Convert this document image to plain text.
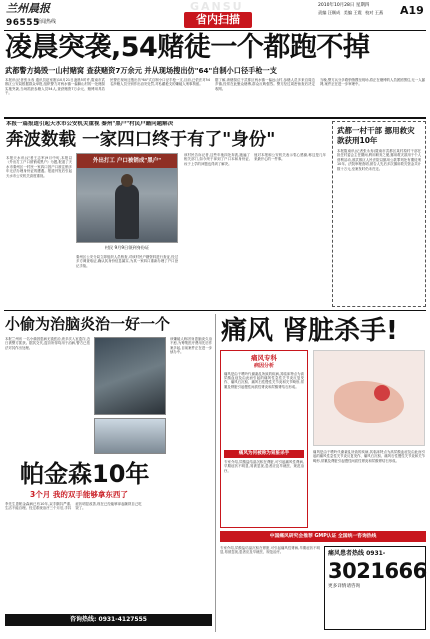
兰州晨报
96555
新闻热线	省内扫描
GANSU	2010年10月28日 星期四
责编 汪顺成 美编 王霞 校对 王燕 A19
凌晨突袭,54赌徒一个都跑不掉
武都警方捣毁一山村赌窝 查获赌资7万余元 并从现场搜出仿"64"自制小口径手枪一支
本报讯(记者张永寿 通讯员赵家刚)10月21日凌晨5时许,陇南市武都区公安局根据群众举报,组织警力对两水镇一偏僻山村的一处赌窝实施突袭,当场抓获参赌人员54人,查获赌资7万余元、赌博用具若干。
民警在现场还搜出仿"64"式自制小口径手枪一支,目前,已依法对54名涉赌人员分别作出治安处罚,对私藏枪支的嫌疑人刑事拘留。
据了解,该赌窝位于武都区两水镇一偏远山村,参赌人员多来自周边乡镇,经常在此聚众赌博,群众反映强烈。警方经过周密侦查后决定收网。
当晚,警方兵分多路悄悄摸至现场,将正在赌博的人员团团围住,无一人漏网,案件正在进一步审理中。
本报一篇报道引起天水市公安机关重视 秦州"黑户"村民户籍问题解决
奔波数载 一家四口终于有了"身份"
本报天水讯(记者王志军)9月中旬,本报以《外出打工户口被销成黑户》为题,报道了天水市秦州区一村民一家四口因户口被注销多年无法办理身份证的遭遇。报道刊发后引起天水市公安机关高度重视。
外出打工 户口被销成"黑户"
村民 9月9日领到身份证
秦州区公安分局立即组织人员核查,对该村民户籍资料进行查证,经过多方调查取证,确认其身份信息属实,为其一家四口重新办理了户口登记手续。
该村民告诉记者,这些年他四处奔波,跑遍了相关部门,如今终于拿到了户口本和身份证,孩子上学的问题也得到了解决。
他对本报和公安机关表示衷心感谢,称这是几年来最开心的一件事。
武都一村干部 挪用救灾款获刑10年
本报陇南讯(记者张永寿)陇南市武都区某村原村干部在担任村委会主任期间,利用职务之便,挪用救灾款用于个人营利活动,被武都区人民法院以挪用公款罪判处有期徒刑10年。法院审理查明,被告人先后多次挪用救灾资金共计数十万元,至案发时仍未归还。
小偷为治脑炎治一好一个
本报兰州讯 一名小偷因患病无钱医治,竟多次入室盗窃,近日被警方抓获。据其交代,盗窃所得均用于治病,警方已依法对其作出处理。
该嫌疑人称因身患脑炎久治不愈,为筹集医疗费用先后作案多起,目前案件正在进一步侦办中。
帕金森10年
3个月 我的双手能够拿东西了
李先生患帕金森病已有10年,双手颤抖严重,生活不能自理。经过系统治疗三个月后,手抖症状明显改善,现在已经能够拿起碗筷自己吃饭了。
咨询热线: 0931-4127555
痛风 肾脏杀手!
痛风专科
病因分析
痛风是由于嘌呤代谢紊乱所致的疾病,其临床特点为高尿酸血症及由此而引起的痛风性急性关节炎反复发作、痛风石沉积、痛风石性慢性关节炎和关节畸形,常累及肾脏引起慢性间质性肾炎和尿酸肾结石形成。
痛风为何被称为肾脏杀手
专家介绍,尿酸盐结晶沉积在肾脏,可引起痛风性肾病,早期症状不明显,易被忽视,患者应及早就医、规范治疗。
痛风是由于嘌呤代谢紊乱所致的疾病,其临床特点为高尿酸血症及由此而引起的痛风性急性关节炎反复发作、痛风石沉积、痛风石性慢性关节炎和关节畸形,常累及肾脏引起慢性间质性肾炎和尿酸肾结石形成。
中国痛风研究会推荐 GMP认证 全国统一咨询热线
专家介绍,尿酸盐结晶沉积在肾脏,可引起痛风性肾病,早期症状不明显,易被忽视,患者应及早就医、规范治疗。	痛风患者热线 0931-
3021666
更多详情请咨询
